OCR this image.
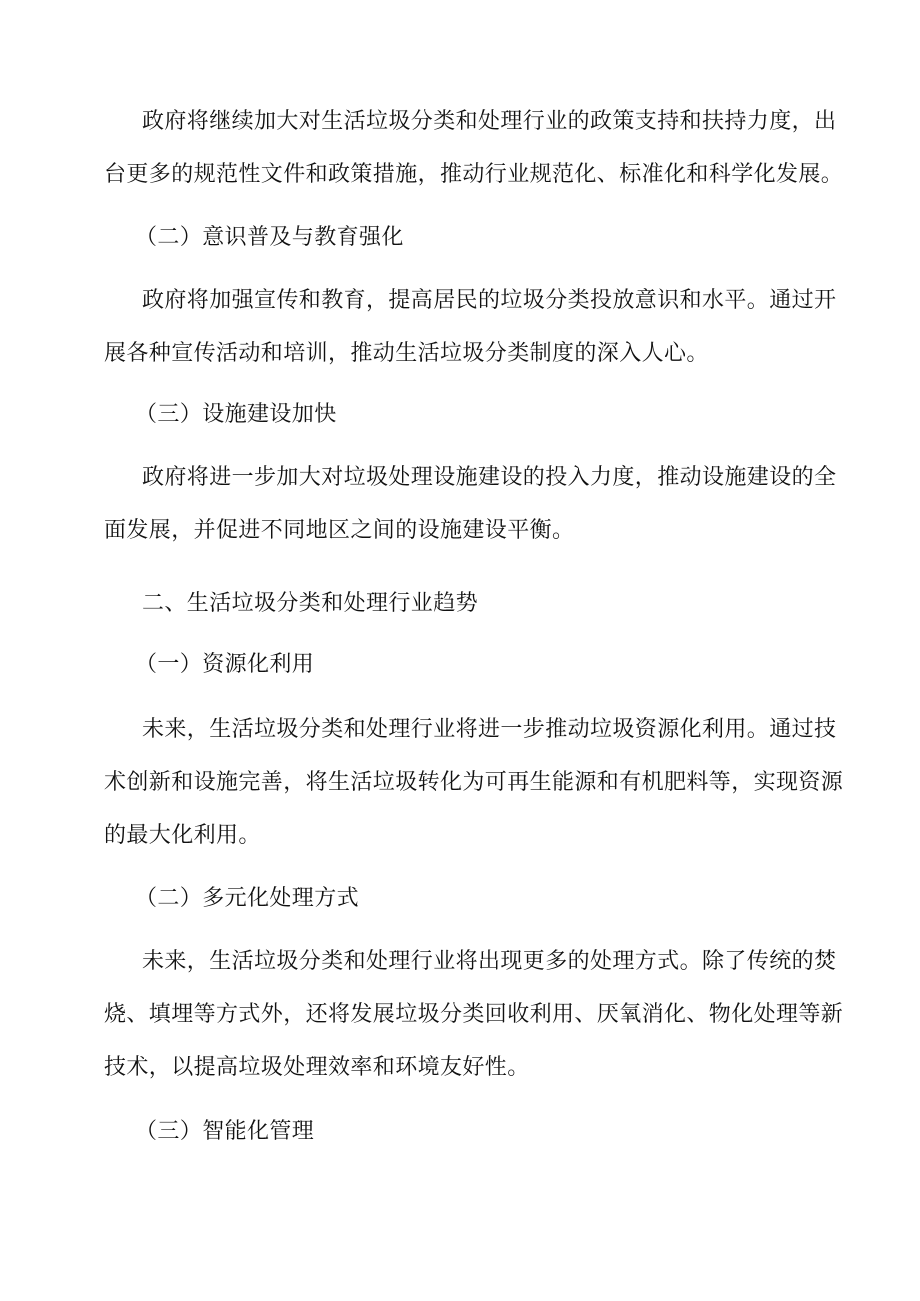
政府将继续加大对生活垃圾分类和处理行业的政策支持和扶持力度，出
台更多的规范性文件和政策措施，推动行业规范化、标准化和科学化发展。
（二）意识普及与教育强化
政府将加强宣传和教育，提高居民的垃圾分类投放意识和水平。通过开
展各种宣传活动和培训，推动生活垃圾分类制度的深入人心。
（三）设施建设加快
政府将进一步加大对垃圾处理设施建设的投入力度，推动设施建设的全
面发展，并促进不同地区之间的设施建设平衡。
二、生活垃圾分类和处理行业趋势
（一）资源化利用
未来，生活垃圾分类和处理行业将进一步推动垃圾资源化利用。通过技
术创新和设施完善，将生活垃圾转化为可再生能源和有机肥料等，实现资源
的最大化利用。
（二）多元化处理方式
未来，生活垃圾分类和处理行业将出现更多的处理方式。除了传统的焚
烧、填埋等方式外，还将发展垃圾分类回收利用、厌氧消化、物化处理等新
技术，以提高垃圾处理效率和环境友好性。
（三）智能化管理
